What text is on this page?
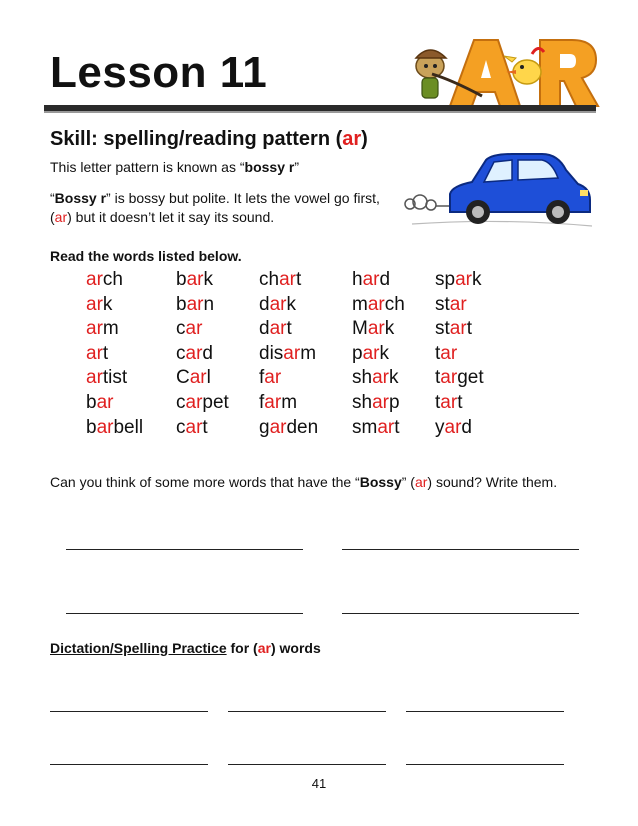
Lesson 11
Skill: spelling/reading pattern (ar)

This letter pattern is known as “bossy r”

“Bossy r” is bossy but polite. It lets the vowel go first,

(ar) but it doesn’t let it say its sound.

Read the words listed below.

arch
ark
arm
art
artist
bar
barbell
bark
barn
car
card
Carl
carpet
cart
chart
dark
dart
disarm
far
farm
garden
hard
march
Mark
park
shark
sharp
smart
spark
star
start
tar
target
tart
yard

Can you think of some more words that have the “Bossy” (ar) sound? Write them.

Dictation/Spelling Practice for (ar) words

41
